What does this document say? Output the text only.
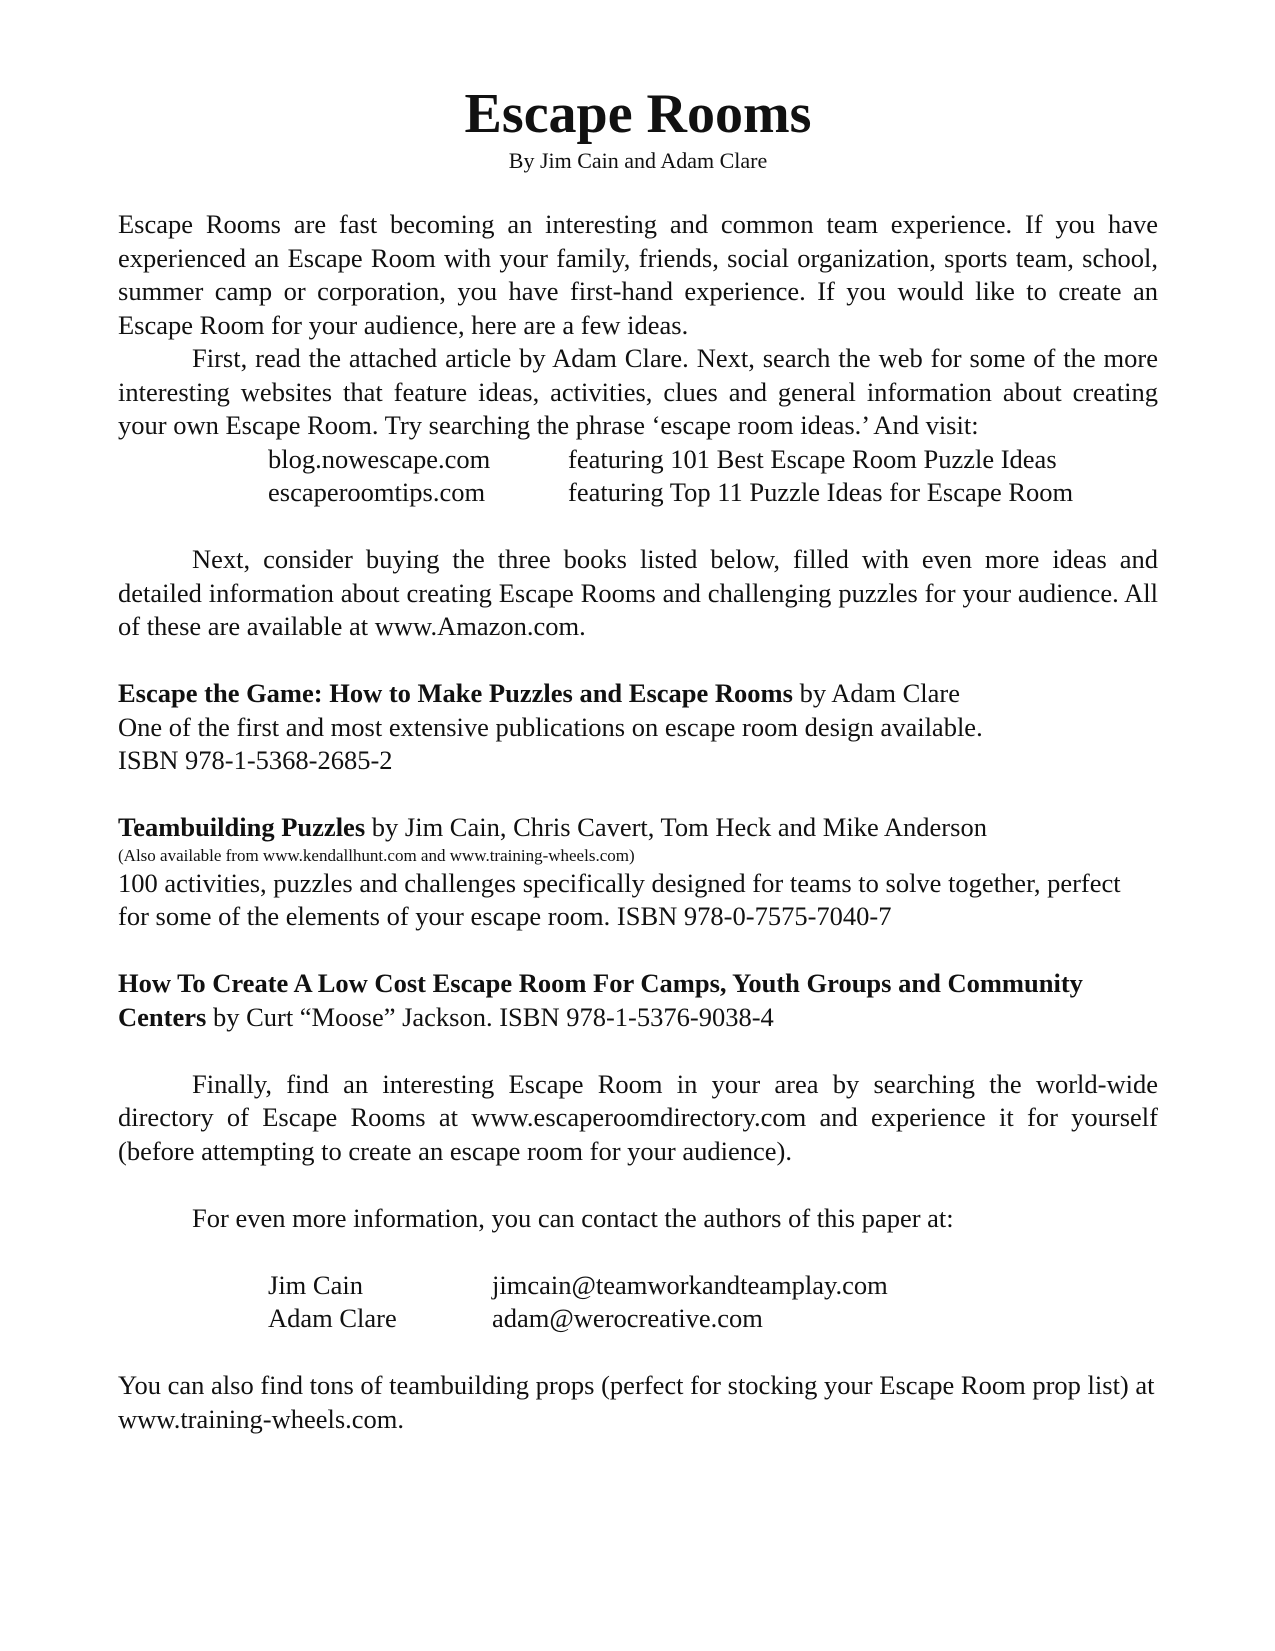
Escape Rooms

By Jim Cain and Adam Clare

Escape Rooms are fast becoming an interesting and common team experience. If you have experienced an Escape Room with your family, friends, social organization, sports team, school, summer camp or corporation, you have first-hand experience. If you would like to create an Escape Room for your audience, here are a few ideas.

First, read the attached article by Adam Clare. Next, search the web for some of the more interesting websites that feature ideas, activities, clues and general information about creating your own Escape Room. Try searching the phrase ‘escape room ideas.’ And visit:

blog.nowescape.com	featuring 101 Best Escape Room Puzzle Ideas
escaperoomtips.com	featuring Top 11 Puzzle Ideas for Escape Room

Next, consider buying the three books listed below, filled with even more ideas and detailed information about creating Escape Rooms and challenging puzzles for your audience. All of these are available at www.Amazon.com.

Escape the Game: How to Make Puzzles and Escape Rooms by Adam Clare

One of the first and most extensive publications on escape room design available.

ISBN 978-1-5368-2685-2

Teambuilding Puzzles by Jim Cain, Chris Cavert, Tom Heck and Mike Anderson

(Also available from www.kendallhunt.com and www.training-wheels.com)

100 activities, puzzles and challenges specifically designed for teams to solve together, perfect for some of the elements of your escape room. ISBN 978-0-7575-7040-7

How To Create A Low Cost Escape Room For Camps, Youth Groups and Community Centers by Curt “Moose” Jackson. ISBN 978-1-5376-9038-4

Finally, find an interesting Escape Room in your area by searching the world-wide directory of Escape Rooms at www.escaperoomdirectory.com and experience it for yourself (before attempting to create an escape room for your audience).

For even more information, you can contact the authors of this paper at:

Jim Cain	jimcain@teamworkandteamplay.com
Adam Clare	adam@werocreative.com

You can also find tons of teambuilding props (perfect for stocking your Escape Room prop list) at www.training-wheels.com.
